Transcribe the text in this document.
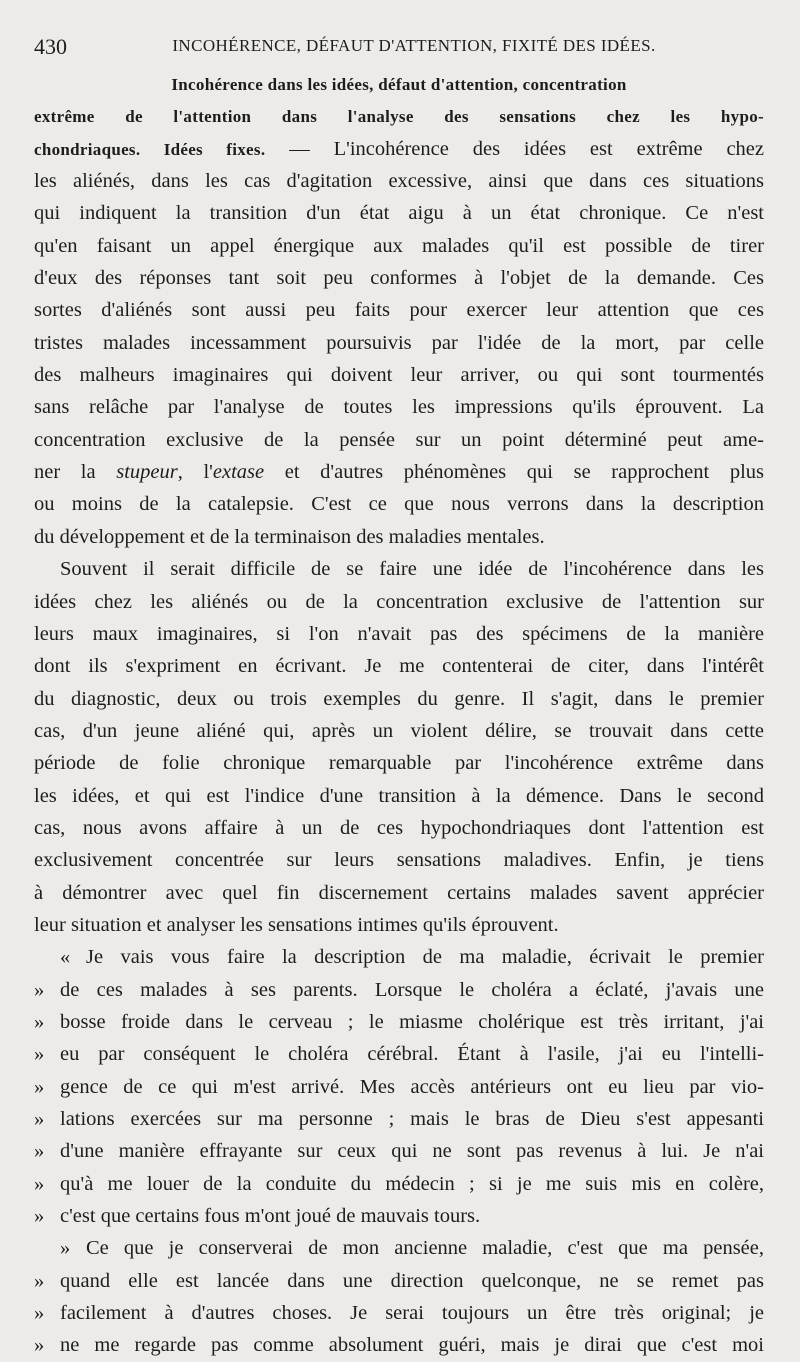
430	INCOHÉRENCE, DÉFAUT D'ATTENTION, FIXITÉ DES IDÉES.
Incohérence dans les idées, défaut d'attention, concentration
extrême de l'attention dans l'analyse des sensations chez les hypo-
chondriaques. Idées fixes. — L'incohérence des idées est extrême chez
les aliénés, dans les cas d'agitation excessive, ainsi que dans ces situations
qui indiquent la transition d'un état aigu à un état chronique. Ce n'est
qu'en faisant un appel énergique aux malades qu'il est possible de tirer
d'eux des réponses tant soit peu conformes à l'objet de la demande. Ces
sortes d'aliénés sont aussi peu faits pour exercer leur attention que ces
tristes malades incessamment poursuivis par l'idée de la mort, par celle
des malheurs imaginaires qui doivent leur arriver, ou qui sont tourmentés
sans relâche par l'analyse de toutes les impressions qu'ils éprouvent. La
concentration exclusive de la pensée sur un point déterminé peut ame-
ner la stupeur, l'extase et d'autres phénomènes qui se rapprochent plus
ou moins de la catalepsie. C'est ce que nous verrons dans la description
du développement et de la terminaison des maladies mentales.
Souvent il serait difficile de se faire une idée de l'incohérence dans les
idées chez les aliénés ou de la concentration exclusive de l'attention sur
leurs maux imaginaires, si l'on n'avait pas des spécimens de la manière
dont ils s'expriment en écrivant. Je me contenterai de citer, dans l'intérêt
du diagnostic, deux ou trois exemples du genre. Il s'agit, dans le premier
cas, d'un jeune aliéné qui, après un violent délire, se trouvait dans cette
période de folie chronique remarquable par l'incohérence extrême dans
les idées, et qui est l'indice d'une transition à la démence. Dans le second
cas, nous avons affaire à un de ces hypochondriaques dont l'attention est
exclusivement concentrée sur leurs sensations maladives. Enfin, je tiens
à démontrer avec quel fin discernement certains malades savent apprécier
leur situation et analyser les sensations intimes qu'ils éprouvent.
« Je vais vous faire la description de ma maladie, écrivait le premier
» de ces malades à ses parents. Lorsque le choléra a éclaté, j'avais une
» bosse froide dans le cerveau ; le miasme cholérique est très irritant, j'ai
» eu par conséquent le choléra cérébral. Étant à l'asile, j'ai eu l'intelli-
» gence de ce qui m'est arrivé. Mes accès antérieurs ont eu lieu par vio-
» lations exercées sur ma personne ; mais le bras de Dieu s'est appesanti
» d'une manière effrayante sur ceux qui ne sont pas revenus à lui. Je n'ai
» qu'à me louer de la conduite du médecin ; si je me suis mis en colère,
» c'est que certains fous m'ont joué de mauvais tours.
» Ce que je conserverai de mon ancienne maladie, c'est que ma pensée,
» quand elle est lancée dans une direction quelconque, ne se remet pas
» facilement à d'autres choses. Je serai toujours un être très original; je
» ne me regarde pas comme absolument guéri, mais je dirai que c'est moi
